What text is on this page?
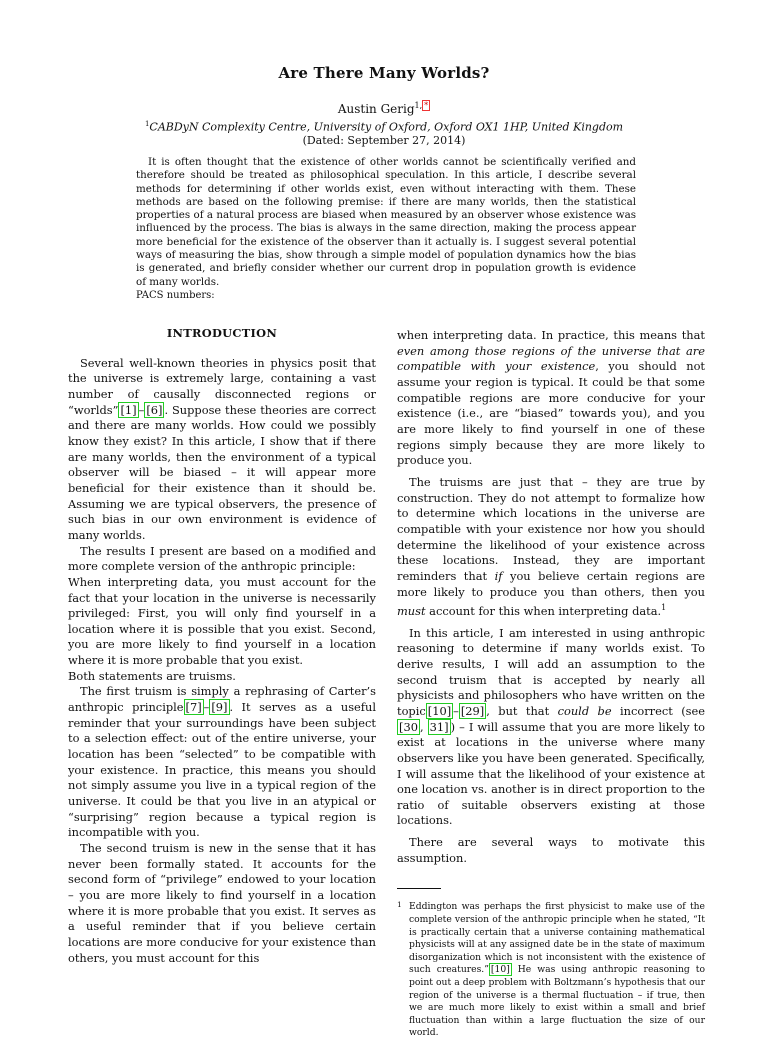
Are There Many Worlds?
Austin Gerig$^{1,}$ *
$^1$CABDyN Complexity Centre, University of Oxford, Oxford OX1 1HP, United Kingdom
(Dated: September 27, 2014)
It is often thought that the existence of other worlds cannot be scientifically verified and therefore should be treated as philosophical speculation. In this article, I describe several methods for determining if other worlds exist, even without interacting with them. These methods are based on the following premise: if there are many worlds, then the statistical properties of a natural process are biased when measured by an observer whose existence was influenced by the process. The bias is always in the same direction, making the process appear more beneficial for the existence of the observer than it actually is. I suggest several potential ways of measuring the bias, show through a simple model of population dynamics how the bias is generated, and briefly consider whether our current drop in population growth is evidence of many worlds.
PACS numbers:
INTRODUCTION

Several well-known theories in physics posit that the universe is extremely large, containing a vast number of causally disconnected regions or “worlds” [1] – [6] . Suppose these theories are correct and there are many worlds. How could we possibly know they exist? In this article, I show that if there are many worlds, then the environment of a typical observer will be biased – it will appear more beneficial for their existence than it should be. Assuming we are typical observers, the presence of such bias in our own environment is evidence of many worlds.

The results I present are based on a modified and more complete version of the anthropic principle:

When interpreting data, you must account for the fact that your location in the universe is necessarily privileged: First, you will only find yourself in a location where it is possible that you exist. Second, you are more likely to find yourself in a location where it is more probable that you exist.

Both statements are truisms.

The first truism is simply a rephrasing of Carter’s anthropic principle [7] – [9] . It serves as a useful reminder that your surroundings have been subject to a selection effect: out of the entire universe, your location has been “selected” to be compatible with your existence. In practice, this means you should not simply assume you live in a typical region of the universe. It could be that you live in an atypical or “surprising” region because a typical region is incompatible with you.

The second truism is new in the sense that it has never been formally stated. It accounts for the second form of “privilege” endowed to your location – you are more likely to find yourself in a location where it is more probable that you exist. It serves as a useful reminder that if you believe certain locations are more conducive for your existence than others, you must account for this

when interpreting data. In practice, this means that even among those regions of the universe that are compatible with your existence, you should not assume your region is typical. It could be that some compatible regions are more conducive for your existence (i.e., are “biased” towards you), and you are more likely to find yourself in one of these regions simply because they are more likely to produce you.

The truisms are just that – they are true by construction. They do not attempt to formalize how to determine which locations in the universe are compatible with your existence nor how you should determine the likelihood of your existence across these locations. Instead, they are important reminders that if you believe certain regions are more likely to produce you than others, then you must account for this when interpreting data.$^1$

In this article, I am interested in using anthropic reasoning to determine if many worlds exist. To derive results, I will add an assumption to the second truism that is accepted by nearly all physicists and philosophers who have written on the topic [10] – [29] , but that could be incorrect (see [30 , 31] ) – I will assume that you are more likely to exist at locations in the universe where many observers like you have been generated. Specifically, I will assume that the likelihood of your existence at one location vs. another is in direct proportion to the ratio of suitable observers existing at those locations.

There are several ways to motivate this assumption.

1 Eddington was perhaps the first physicist to make use of the complete version of the anthropic principle when he stated, “It is practically certain that a universe containing mathematical physicists will at any assigned date be in the state of maximum disorganization which is not inconsistent with the existence of such creatures.” [10] He was using anthropic reasoning to point out a deep problem with Boltzmann’s hypothesis that our region of the universe is a thermal fluctuation – if true, then we are much more likely to exist within a small and brief fluctuation than within a large fluctuation the size of our world.
